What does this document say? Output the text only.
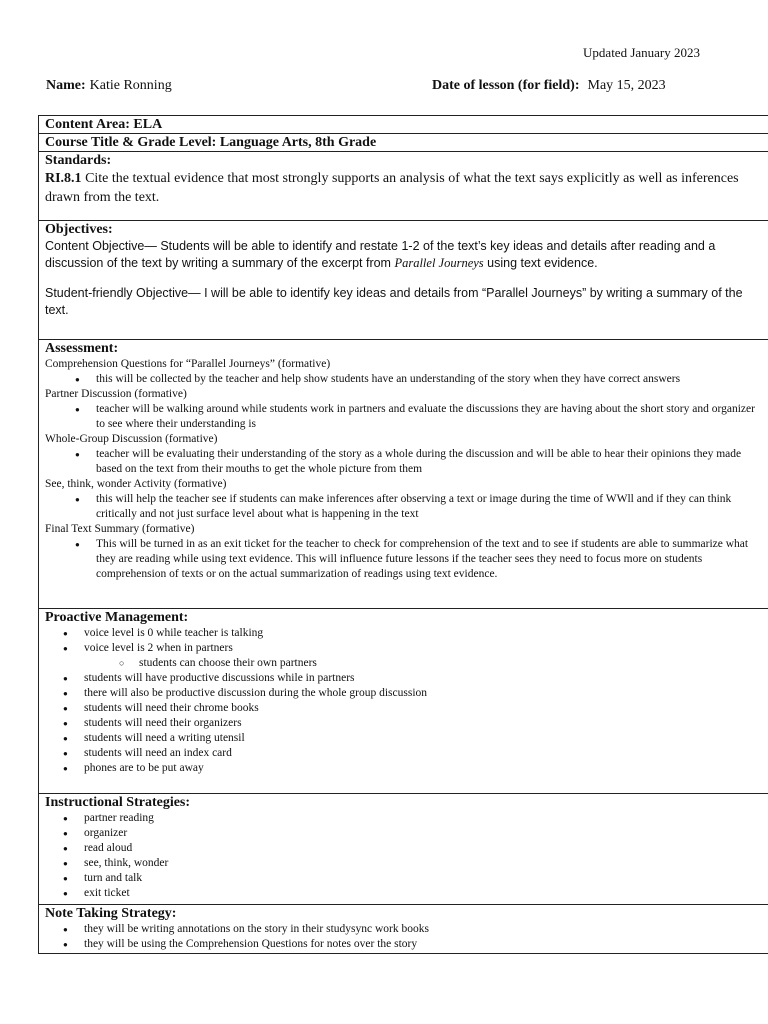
Updated January 2023
Name: Katie Ronning	Date of lesson (for field): May 15, 2023
Content Area: ELA
Course Title & Grade Level: Language Arts, 8th Grade

Standards:
RI.8.1 Cite the textual evidence that most strongly supports an analysis of what the text says explicitly as well as inferences drawn from the text.

Objectives:

Content Objective— Students will be able to identify and restate 1-2 of the text’s key ideas and details after reading and a discussion of the text by writing a summary of the excerpt from Parallel Journeys using text evidence.

Student-friendly Objective— I will be able to identify key ideas and details from “Parallel Journeys” by writing a summary of the text.

Assessment:
Comprehension Questions for “Parallel Journeys” (formative)
● this will be collected by the teacher and help show students have an understanding of the story when they have correct answers
Partner Discussion (formative)
● teacher will be walking around while students work in partners and evaluate the discussions they are having about the short story and organizer to see where their understanding is
Whole-Group Discussion (formative)
● teacher will be evaluating their understanding of the story as a whole during the discussion and will be able to hear their opinions they made based on the text from their mouths to get the whole picture from them
See, think, wonder Activity (formative)
● this will help the teacher see if students can make inferences after observing a text or image during the time of WWll and if they can think critically and not just surface level about what is happening in the text
Final Text Summary (formative)
● This will be turned in as an exit ticket for the teacher to check for comprehension of the text and to see if students are able to summarize what they are reading while using text evidence. This will influence future lessons if the teacher sees they need to focus more on students comprehension of texts or on the actual summarization of readings using text evidence.

Proactive Management:
● voice level is 0 while teacher is talking
● voice level is 2 when in partners
○ students can choose their own partners
● students will have productive discussions while in partners
● there will also be productive discussion during the whole group discussion
● students will need their chrome books
● students will need their organizers
● students will need a writing utensil
● students will need an index card
● phones are to be put away

Instructional Strategies:
● partner reading
● organizer
● read aloud
● see, think, wonder
● turn and talk
● exit ticket

Note Taking Strategy:
● they will be writing annotations on the story in their studysync work books
● they will be using the Comprehension Questions for notes over the story
